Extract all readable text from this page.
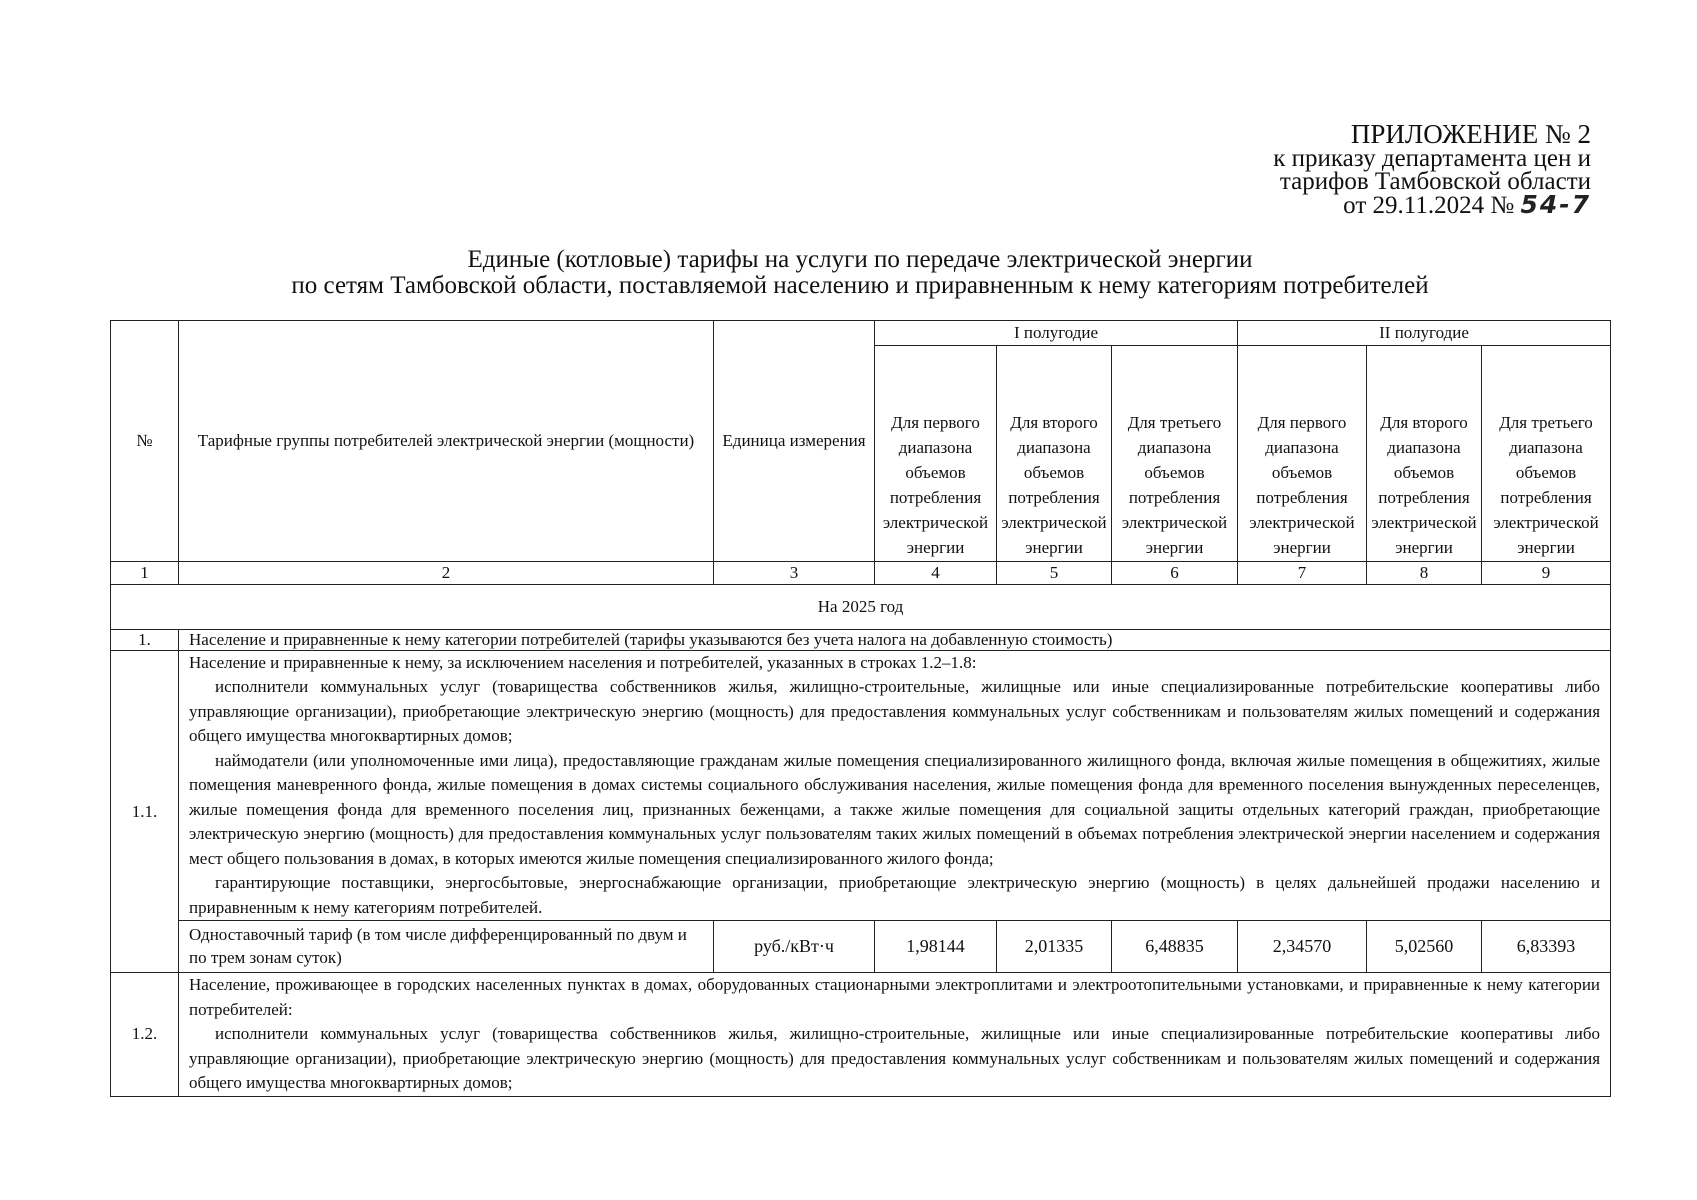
ПРИЛОЖЕНИЕ № 2
к приказу департамента цен и
тарифов Тамбовской области
от 29.11.2024 № 54-7
Единые (котловые) тарифы на услуги по передаче электрической энергии
по сетям Тамбовской области, поставляемой населению и приравненным к нему категориям потребителей
№	Тарифные группы потребителей электрической энергии (мощности)	Единица измерения	I полугодие			II полугодие		
			Для первого диапазона объемов потребления электрической энергии	Для второго диапазона объемов потребления электрической энергии	Для третьего диапазона объемов потребления электрической энергии	Для первого диапазона объемов потребления электрической энергии	Для второго диапазона объемов потребления электрической энергии	Для третьего диапазона объемов потребления электрической энергии
1	2	3	4	5	6	7	8	9
На 2025 год								
1.	Население и приравненные к нему категории потребителей (тарифы указываются без учета налога на добавленную стоимость)							
1.1.	Население и приравненные к нему, за исключением населения и потребителей, указанных в строках 1.2–1.8:

исполнители коммунальных услуг (товарищества собственников жилья, жилищно-строительные, жилищные или иные специализированные потребительские кооперативы либо управляющие организации), приобретающие электрическую энергию (мощность) для предоставления коммунальных услуг собственникам и пользователям жилых помещений и содержания общего имущества многоквартирных домов;

наймодатели (или уполномоченные ими лица), предоставляющие гражданам жилые помещения специализированного жилищного фонда, включая жилые помещения в общежитиях, жилые помещения маневренного фонда, жилые помещения в домах системы социального обслуживания населения, жилые помещения фонда для временного поселения вынужденных переселенцев, жилые помещения фонда для временного поселения лиц, признанных беженцами, а также жилые помещения для социальной защиты отдельных категорий граждан, приобретающие электрическую энергию (мощность) для предоставления коммунальных услуг пользователям таких жилых помещений в объемах потребления электрической энергии населением и содержания мест общего пользования в домах, в которых имеются жилые помещения специализированного жилого фонда;

гарантирующие поставщики, энергосбытовые, энергоснабжающие организации, приобретающие электрическую энергию (мощность) в целях дальнейшей продажи населению и приравненным к нему категориям потребителей.							

	Одноставочный тариф (в том числе дифференцированный по двум и по трем зонам суток)	руб./кВт·ч	1,98144	2,01335	6,48835	2,34570	5,02560	6,83393
1.2.	Население, проживающее в городских населенных пунктах в домах, оборудованных стационарными электроплитами и электроотопительными установками, и приравненные к нему категории потребителей:

исполнители коммунальных услуг (товарищества собственников жилья, жилищно-строительные, жилищные или иные специализированные потребительские кооперативы либо управляющие организации), приобретающие электрическую энергию (мощность) для предоставления коммунальных услуг собственникам и пользователям жилых помещений и содержания общего имущества многоквартирных домов;							
